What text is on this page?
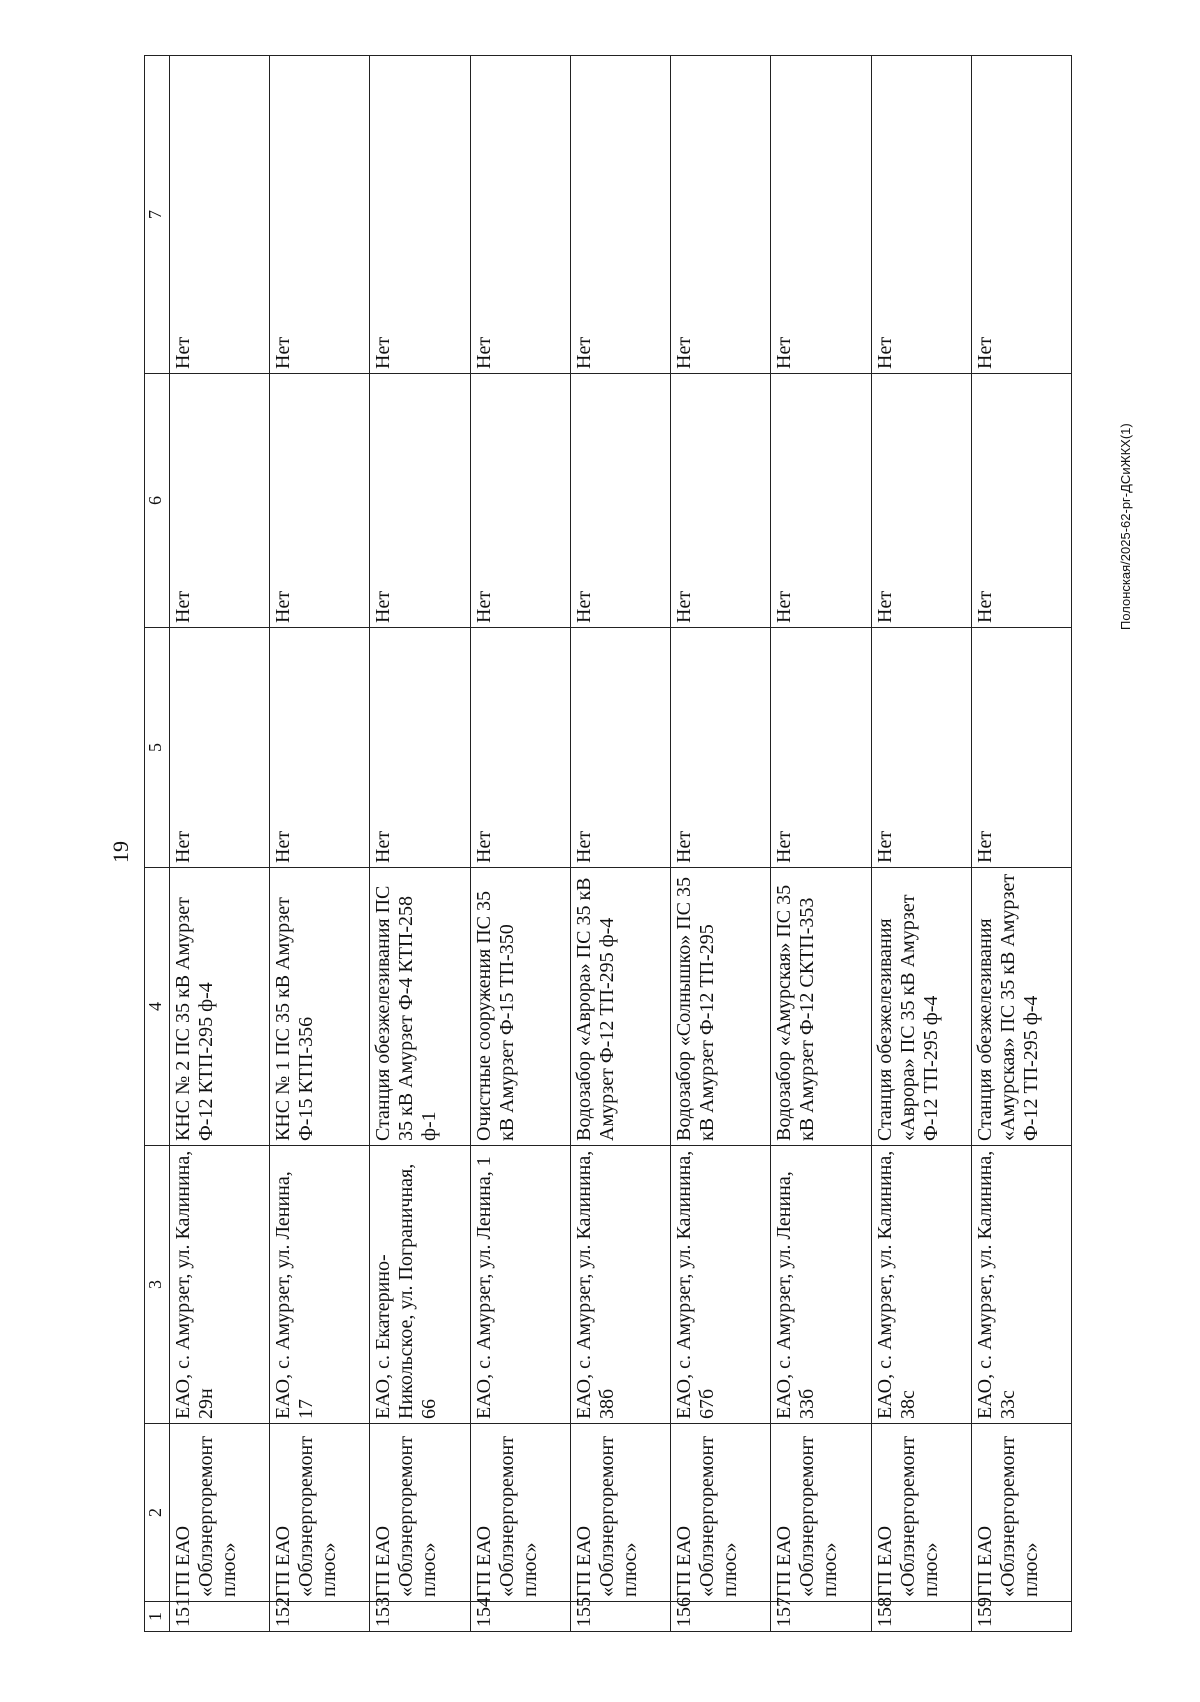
19
Полонская/2025-62-рг-ДСиЖКХ(1)
1	2	3	4	5	6	7
151	ГП ЕАО «Облэнергоремонт плюс»	ЕАО, с. Амурзет, ул. Калинина, 29н	КНС № 2 ПС 35 кВ Амурзет Ф-12 КТП-295 ф-4	Нет	Нет	Нет
152	ГП ЕАО «Облэнергоремонт плюс»	ЕАО, с. Амурзет, ул. Ленина, 17	КНС № 1 ПС 35 кВ Амурзет Ф-15 КТП-356	Нет	Нет	Нет
153	ГП ЕАО «Облэнергоремонт плюс»	ЕАО, с. Екатерино-Никольское, ул. Пограничная, 66	Станция обезжелезивания ПС 35 кВ Амурзет Ф-4 КТП-258 ф-1	Нет	Нет	Нет
154	ГП ЕАО «Облэнергоремонт плюс»	ЕАО, с. Амурзет, ул. Ленина, 1	Очистные сооружения ПС 35 кВ Амурзет Ф-15 ТП-350	Нет	Нет	Нет
155	ГП ЕАО «Облэнергоремонт плюс»	ЕАО, с. Амурзет, ул. Калинина, 38б	Водозабор «Аврора» ПС 35 кВ Амурзет Ф-12 ТП-295 ф-4	Нет	Нет	Нет
156	ГП ЕАО «Облэнергоремонт плюс»	ЕАО, с. Амурзет, ул. Калинина, 67б	Водозабор «Солнышко» ПС 35 кВ Амурзет Ф-12 ТП-295	Нет	Нет	Нет
157	ГП ЕАО «Облэнергоремонт плюс»	ЕАО, с. Амурзет, ул. Ленина, 33б	Водозабор «Амурская» ПС 35 кВ Амурзет Ф-12 СКТП-353	Нет	Нет	Нет
158	ГП ЕАО «Облэнергоремонт плюс»	ЕАО, с. Амурзет, ул. Калинина, 38с	Станция обезжелезивания «Аврора» ПС 35 кВ Амурзет Ф-12 ТП-295 ф-4	Нет	Нет	Нет
159	ГП ЕАО «Облэнергоремонт плюс»	ЕАО, с. Амурзет, ул. Калинина, 33с	Станция обезжелезивания «Амурская» ПС 35 кВ Амурзет Ф-12 ТП-295 ф-4	Нет	Нет	Нет
